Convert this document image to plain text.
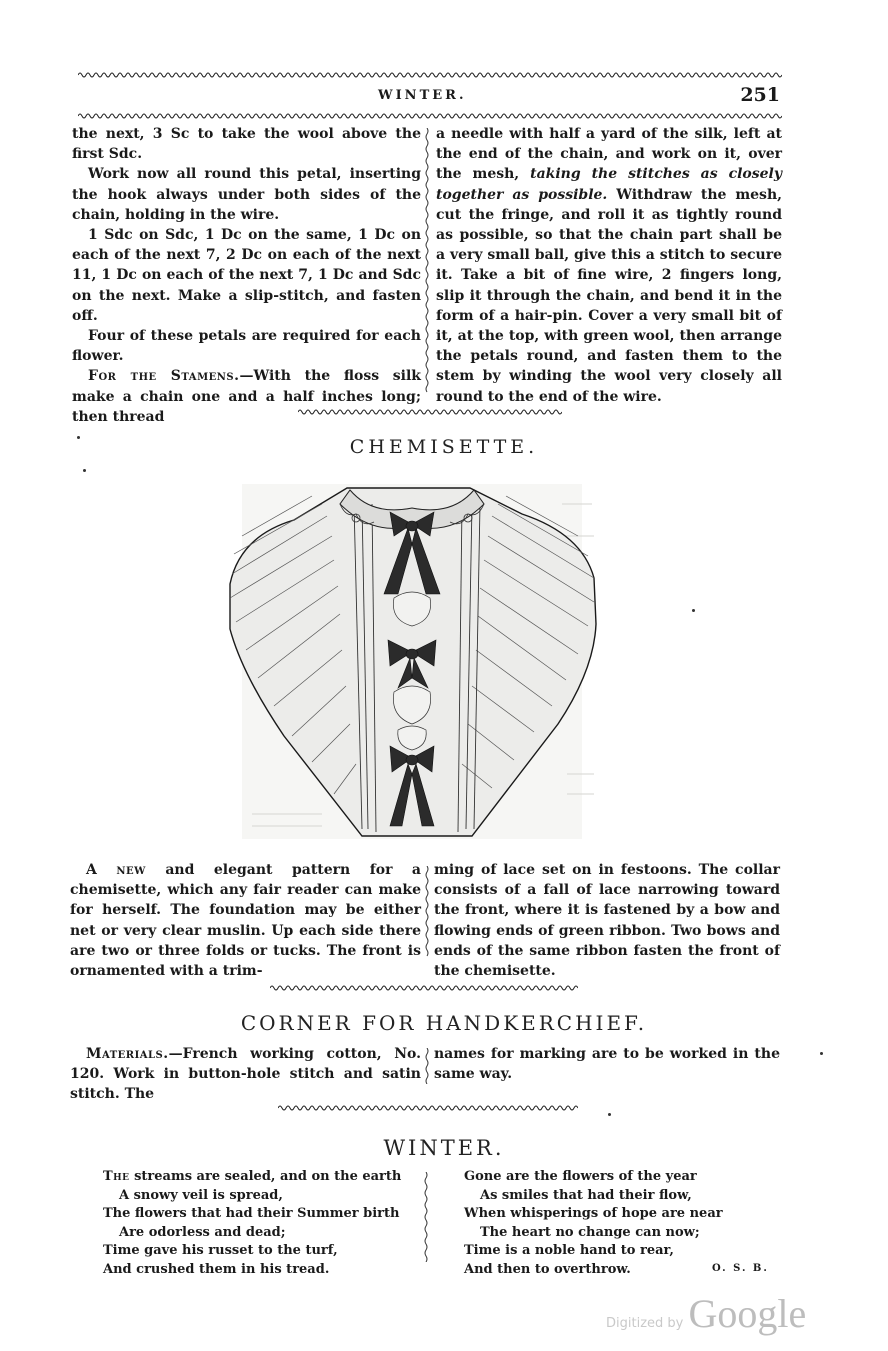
WINTER.	251

the next, 3 Sc to take the wool above the first Sdc.

Work now all round this petal, inserting the hook always under both sides of the chain, holding in the wire.

1 Sdc on Sdc, 1 Dc on the same, 1 Dc on each of the next 7, 2 Dc on each of the next 11, 1 Dc on each of the next 7, 1 Dc and Sdc on the next. Make a slip-stitch, and fasten off.

Four of these petals are required for each flower.

For the Stamens.—With the floss silk make a chain one and a half inches long; then thread

a needle with half a yard of the silk, left at the end of the chain, and work on it, over the mesh, taking the stitches as closely together as possible. Withdraw the mesh, cut the fringe, and roll it as tightly round as possible, so that the chain part shall be a very small ball, give this a stitch to secure it. Take a bit of fine wire, 2 fingers long, slip it through the chain, and bend it in the form of a hair-pin. Cover a very small bit of it, at the top, with green wool, then arrange the petals round, and fasten them to the stem by winding the wool very closely all round to the end of the wire.

CHEMISETTE.

A new and elegant pattern for a chemisette, which any fair reader can make for herself. The foundation may be either net or very clear muslin. Up each side there are two or three folds or tucks. The front is ornamented with a trim-

ming of lace set on in festoons. The collar consists of a fall of lace narrowing toward the front, where it is fastened by a bow and flowing ends of green ribbon. Two bows and ends of the same ribbon fasten the front of the chemisette.

CORNER FOR HANDKERCHIEF.

Materials.—French working cotton, No. 120. Work in button-hole stitch and satin stitch. The

names for marking are to be worked in the same way.

WINTER.
The streams are sealed, and on the earth
A snowy veil is spread,
The flowers that had their Summer birth
Are odorless and dead;
Time gave his russet to the turf,
And crushed them in his tread.
Gone are the flowers of the year
As smiles that had their flow,
When whisperings of hope are near
The heart no change can now;
Time is a noble hand to rear,
And then to overthrow.	O. S. B.
Digitized by Google
